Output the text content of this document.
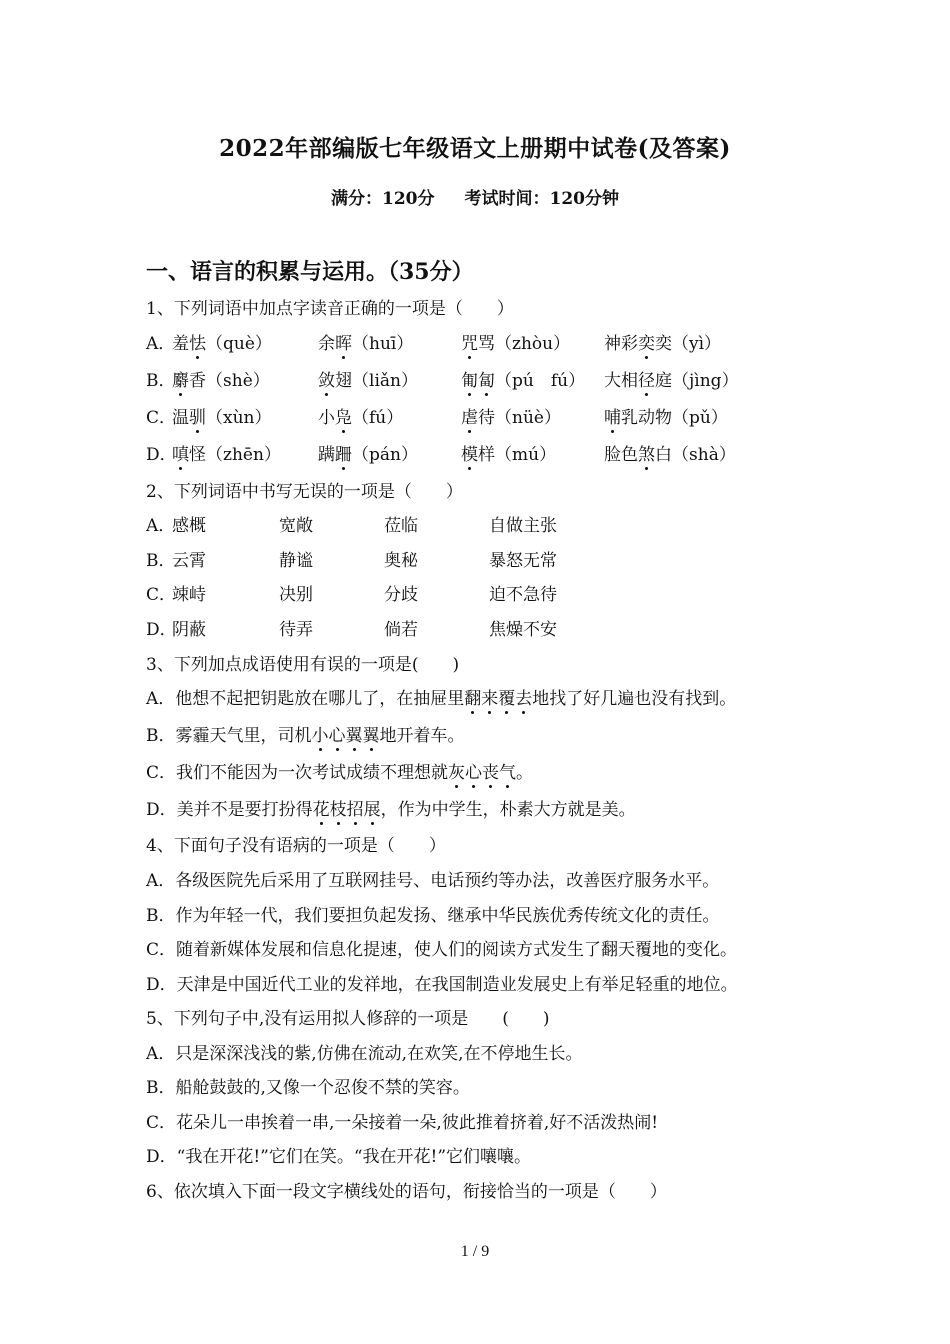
2022年部编版七年级语文上册期中试卷(及答案)
满分：120分 考试时间：120分钟
一、语言的积累与运用。（35分）
1、下列词语中加点字读音正确的一项是（　　）
A．
羞怯（què）	余晖（huī）	咒骂（zhòu） 神彩奕奕（yì）
B．
麝香（shè）	敛翅（liǎn）	匍匐（pú　 fú） 大相径庭（jìng）
C．
温驯（xùn）	小凫（fú）	虐待（nüè）	哺乳动物（pǔ）
D．
嗔怪（zhēn） 蹒跚（pán）	模样（mú）	脸色煞白（shà）
2、下列词语中书写无误的一项是（　　）
A．
感概	宽敞	莅临	自做主张
B．
云霄	静谧	奥秘	暴怒无常
C．
竦峙	决别	分歧	迫不急待
D．
阴蔽	待弄	倘若	焦燥不安
3、下列加点成语使用有误的一项是(　　)
A．他想不起把钥匙放在哪儿了，在抽屉里翻来覆去地找了好几遍也没有找到。
B．雾霾天气里，司机小心翼翼地开着车。
C．我们不能因为一次考试成绩不理想就灰心丧气。
D．美并不是要打扮得花枝招展，作为中学生，朴素大方就是美。
4、下面句子没有语病的一项是（　　）
A．各级医院先后采用了互联网挂号、电话预约等办法，改善医疗服务水平。
B．作为年轻一代，我们要担负起发扬、继承中华民族优秀传统文化的责任。
C．随着新媒体发展和信息化提速，使人们的阅读方式发生了翻天覆地的变化。
D．天津是中国近代工业的发祥地，在我国制造业发展史上有举足轻重的地位。
5、下列句子中,没有运用拟人修辞的一项是　　(　　)
A．只是深深浅浅的紫,仿佛在流动,在欢笑,在不停地生长。
B．船舱鼓鼓的,又像一个忍俊不禁的笑容。
C．花朵儿一串挨着一串,一朵接着一朵,彼此推着挤着,好不活泼热闹!
D．“我在开花!”它们在笑。“我在开花!”它们嚷嚷。
6、依次填入下面一段文字横线处的语句，衔接恰当的一项是（　　）
1 / 9
